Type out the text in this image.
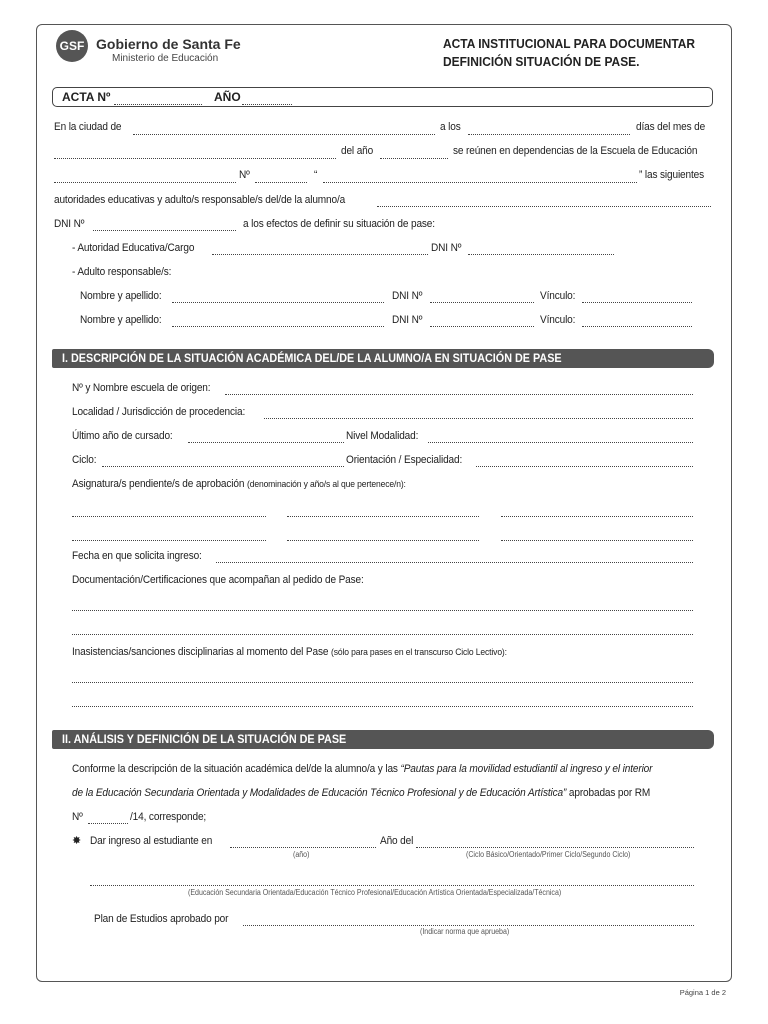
GSF Gobierno de Santa Fe
Ministerio de Educación
ACTA INSTITUCIONAL PARA DOCUMENTAR
DEFINICIÓN SITUACIÓN DE PASE.
ACTA Nº	AÑO
En la ciudad de	a los	días del mes de
del año	se reúnen en dependencias de la Escuela de Educación
Nº	“	” las siguientes
autoridades educativas y adulto/s responsable/s del/de la alumno/a
DNI Nº	a los efectos de definir su situación de pase:
- Autoridad Educativa/Cargo	DNI Nº
- Adulto responsable/s:
Nombre y apellido:	DNI Nº	Vínculo:
Nombre y apellido:	DNI Nº	Vínculo:
I. DESCRIPCIÓN DE LA SITUACIÓN ACADÉMICA DEL/DE LA ALUMNO/A EN SITUACIÓN DE PASE
Nº y Nombre escuela de origen:
Localidad / Jurisdicción de procedencia:
Último año de cursado:	Nivel Modalidad:
Ciclo:	Orientación / Especialidad:
Asignatura/s pendiente/s de aprobación (denominación y año/s al que pertenece/n):
Fecha en que solicita ingreso:
Documentación/Certificaciones que acompañan al pedido de Pase:
Inasistencias/sanciones disciplinarias al momento del Pase (sólo para pases en el transcurso Ciclo Lectivo):
II. ANÁLISIS Y DEFINICIÓN DE LA SITUACIÓN DE PASE
Conforme la descripción de la situación académica del/de la alumno/a y las “Pautas para la movilidad estudiantil al ingreso y el interior
de la Educación Secundaria Orientada y Modalidades de Educación Técnico Profesional y de Educación Artística” aprobadas por RM
Nº	/14, corresponde;
✸ Dar ingreso al estudiante en	Año del
(año)	(Ciclo Básico/Orientado/Primer Ciclo/Segundo Ciclo)
(Educación Secundaria Orientada/Educación Técnico Profesional/Educación Artística Orientada/Especializada/Técnica)
Plan de Estudios aprobado por
(Indicar norma que aprueba)
Página 1 de 2
